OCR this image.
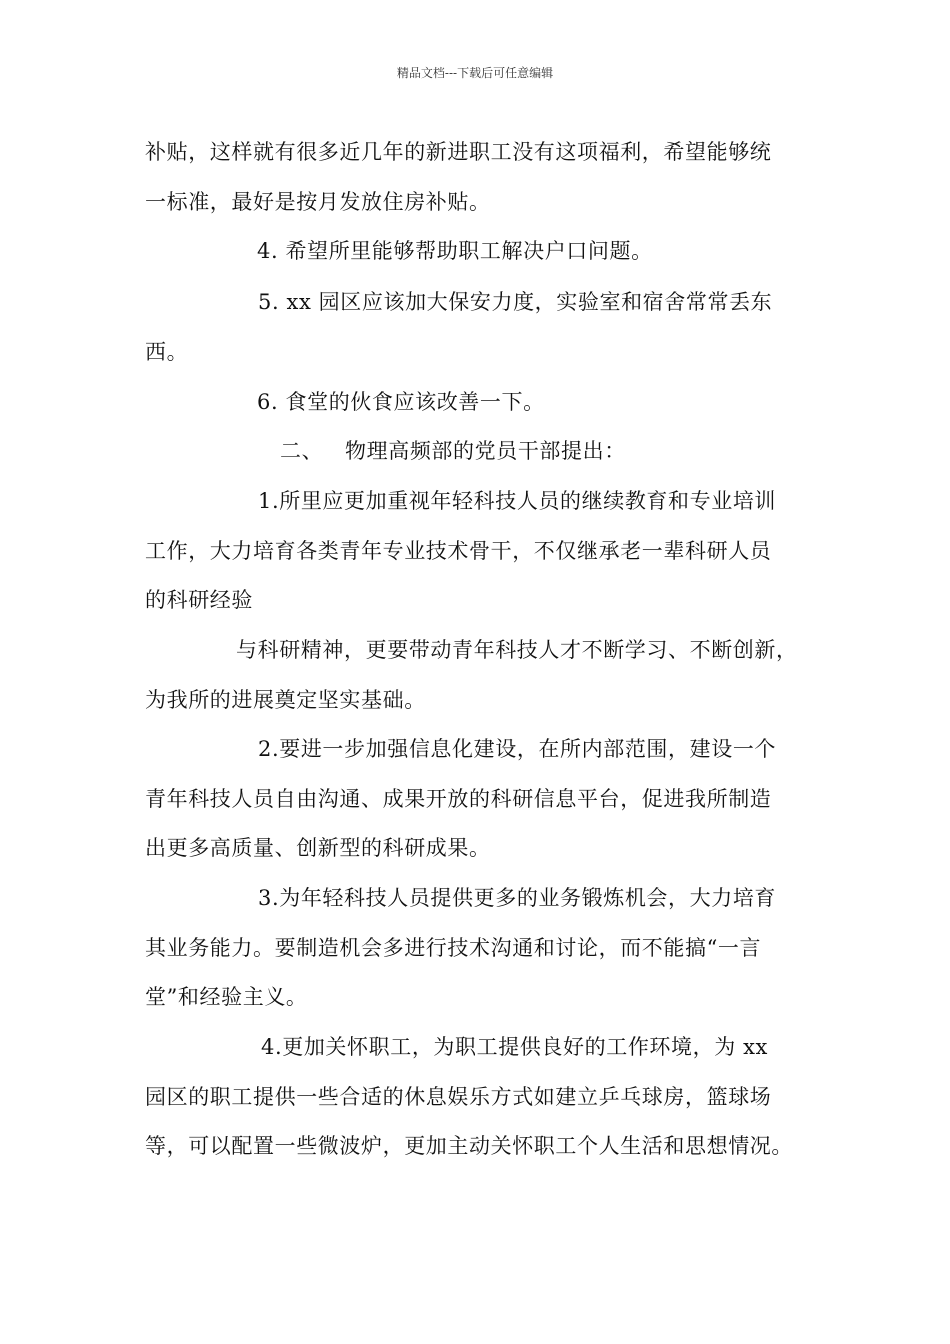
精品文档---下载后可任意编辑
补贴，这样就有很多近几年的新进职工没有这项福利，希望能够统
一标准，最好是按月发放住房补贴。
4. 希望所里能够帮助职工解决户口问题。
5. xx 园区应该加大保安力度，实验室和宿舍常常丢东
西。
6. 食堂的伙食应该改善一下。
二、   物理高频部的党员干部提出：
1.所里应更加重视年轻科技人员的继续教育和专业培训
工作，大力培育各类青年专业技术骨干，不仅继承老一辈科研人员
的科研经验
与科研精神，更要带动青年科技人才不断学习、不断创新，
为我所的进展奠定坚实基础。
2.要进一步加强信息化建设，在所内部范围，建设一个
青年科技人员自由沟通、成果开放的科研信息平台，促进我所制造
出更多高质量、创新型的科研成果。
3.为年轻科技人员提供更多的业务锻炼机会，大力培育
其业务能力。要制造机会多进行技术沟通和讨论，而不能搞“一言
堂”和经验主义。
4.更加关怀职工，为职工提供良好的工作环境，为 xx
园区的职工提供一些合适的休息娱乐方式如建立乒乓球房，篮球场
等，可以配置一些微波炉，更加主动关怀职工个人生活和思想情况。
